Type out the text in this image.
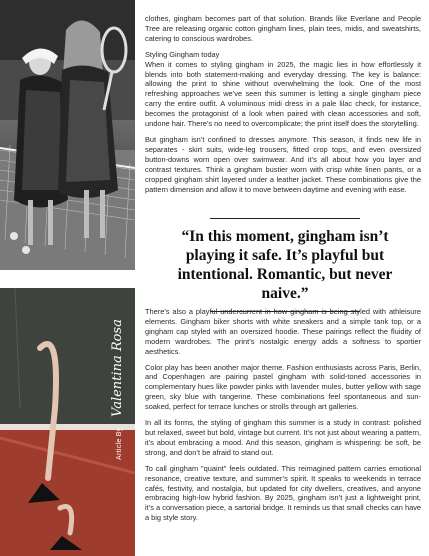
Article By Valentina Rosa

clothes, gingham becomes part of that solution. Brands like Everlane and People Tree are releasing organic cotton gingham lines, plain tees, midis, and sweatshirts, catering to conscious wardrobes.

Styling Gingham today

When it comes to styling gingham in 2025, the magic lies in how effortlessly it blends into both statement-making and everyday dressing. The key is balance: allowing the print to shine without overwhelming the look. One of the most refreshing approaches we’ve seen this summer is letting a single gingham piece carry the entire outfit. A voluminous midi dress in a pale lilac check, for instance, becomes the protagonist of a look when paired with clean accessories and soft, undone hair. There’s no need to overcomplicate; the print itself does the storytelling.

But gingham isn’t confined to dresses anymore. This season, it finds new life in separates - skirt suits, wide-leg trousers, fitted crop tops, and even oversized button-downs worn open over swimwear. And it’s all about how you layer and contrast textures. Think a gingham bustier worn with crisp white linen pants, or a cropped gingham shirt layered under a leather jacket. These combinations give the pattern dimension and allow it to move between daytime and evening with ease.

“In this moment, gingham isn’t playing it safe. It’s playful but intentional. Romantic, but never naive.”

There’s also a playful undercurrent in how gingham is being styled with athleisure elements. Gingham biker shorts with white sneakers and a simple tank top, or a gingham cap styled with an oversized hoodie. These pairings reflect the fluidity of modern wardrobes. The print’s nostalgic energy adds a softness to sportier aesthetics.

Color play has been another major theme. Fashion enthusiasts across Paris, Berlin, and Copenhagen are pairing pastel gingham with solid-toned accessories in complementary hues like powder pinks with lavender mules, butter yellow with sage green, sky blue with tangerine. These combinations feel spontaneous and sun-soaked, perfect for terrace lunches or strolls through art galleries.

In all its forms, the styling of gingham this summer is a study in contrast: polished but relaxed, sweet but bold, vintage but current. It’s not just about wearing a pattern, it’s about embracing a mood. And this season, gingham is whispering: be soft, be strong, and don’t be afraid to stand out.

To call gingham "quaint" feels outdated. This reimagined pattern carries emotional resonance, creative texture, and summer’s spirit. It speaks to weekends in terrace cafés, festivity, and nostalgia, but updated for city dwellers, creatives, and anyone embracing high-low hybrid fashion. By 2025, gingham isn’t just a lightweight print, it’s a conversation piece, a sartorial bridge. It reminds us that small checks can have a big style story.
